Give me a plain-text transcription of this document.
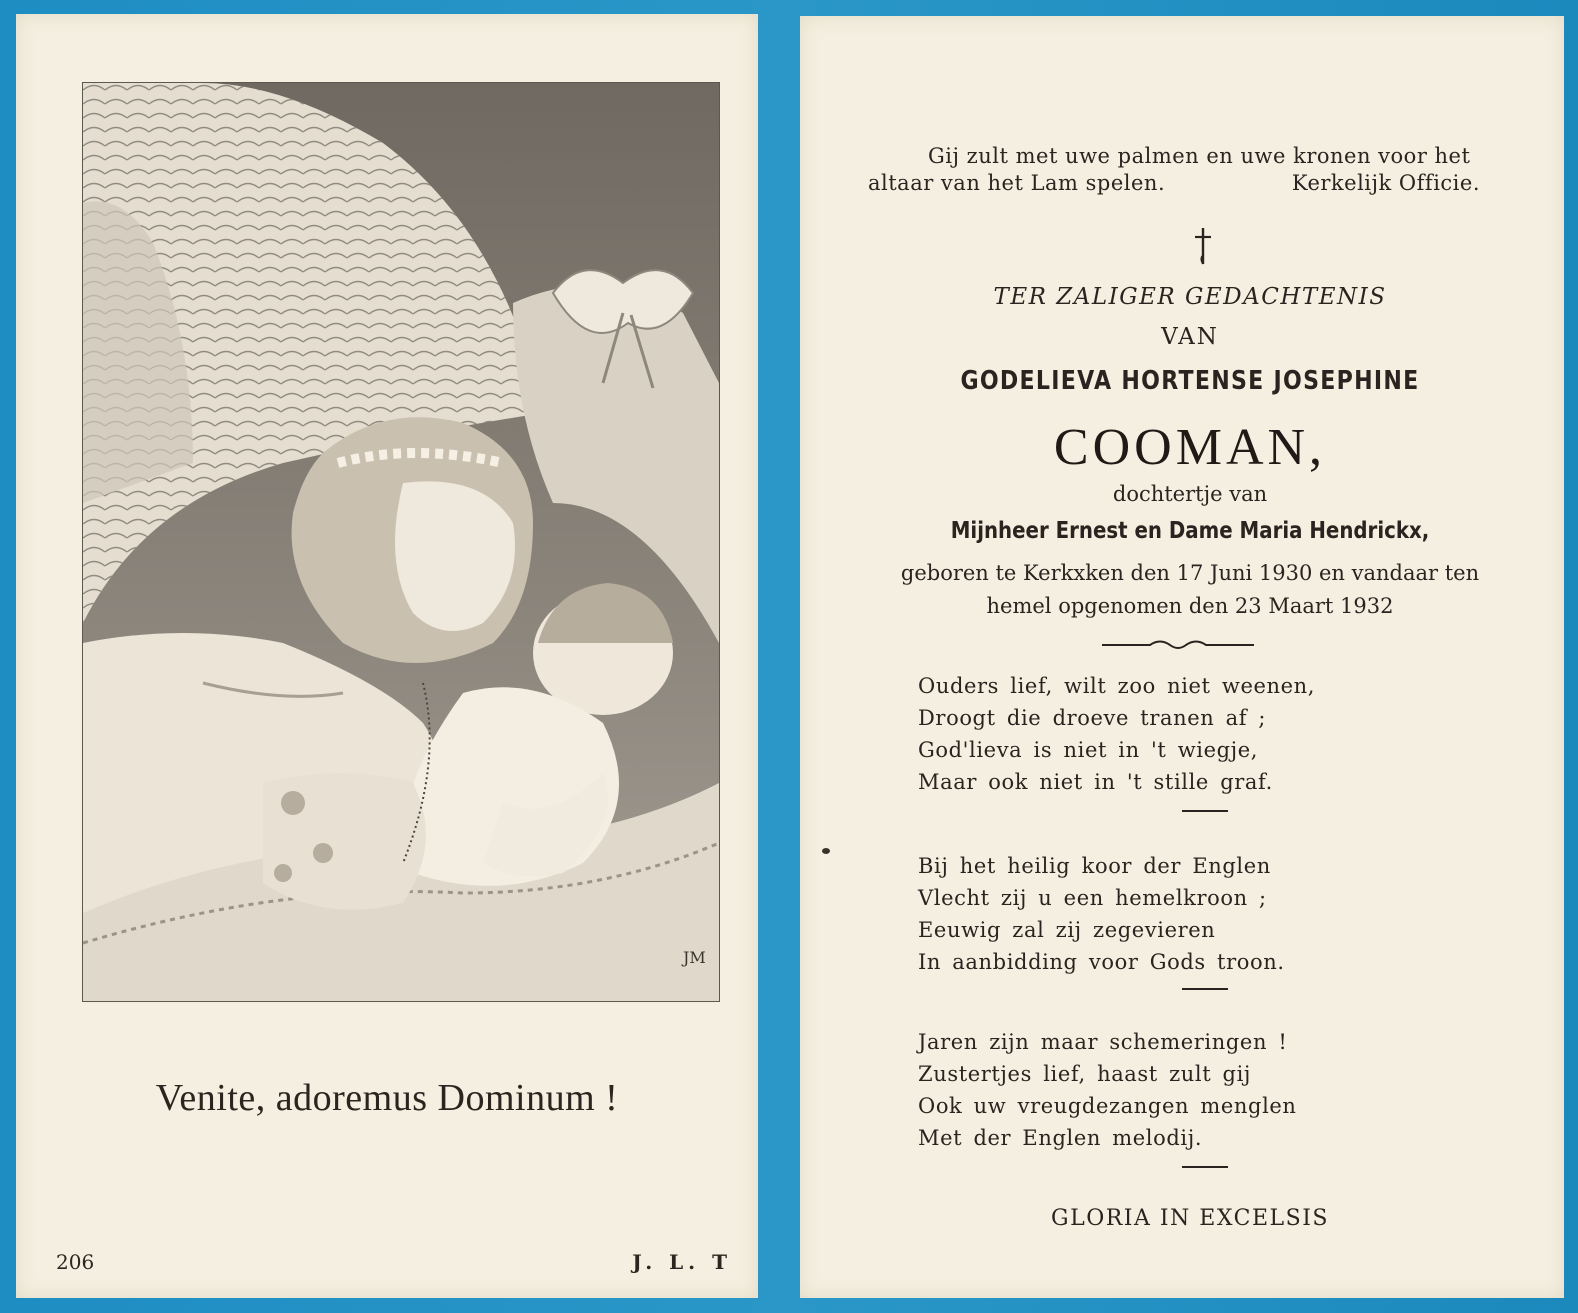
JM
Venite, adoremus Dominum !
206	J. L. T
Gij zult met uwe palmen en uwe kronen voor het
altaar van het Lam spelen.	Kerkelijk Officie.
TER ZALIGER GEDACHTENIS
VAN
GODELIEVA HORTENSE JOSEPHINE
COOMAN,
dochtertje van
Mijnheer Ernest en Dame Maria Hendrickx,
geboren te Kerkxken den 17 Juni 1930 en vandaar ten
hemel opgenomen den 23 Maart 1932
Ouders lief, wilt zoo niet weenen,
Droogt die droeve tranen af ;
God'lieva is niet in 't wiegje,
Maar ook niet in 't stille graf.
Bij het heilig koor der Englen
Vlecht zij u een hemelkroon ;
Eeuwig zal zij zegevieren
In aanbidding voor Gods troon.
Jaren zijn maar schemeringen !
Zustertjes lief, haast zult gij
Ook uw vreugdezangen menglen
Met der Englen melodij.
GLORIA IN EXCELSIS
